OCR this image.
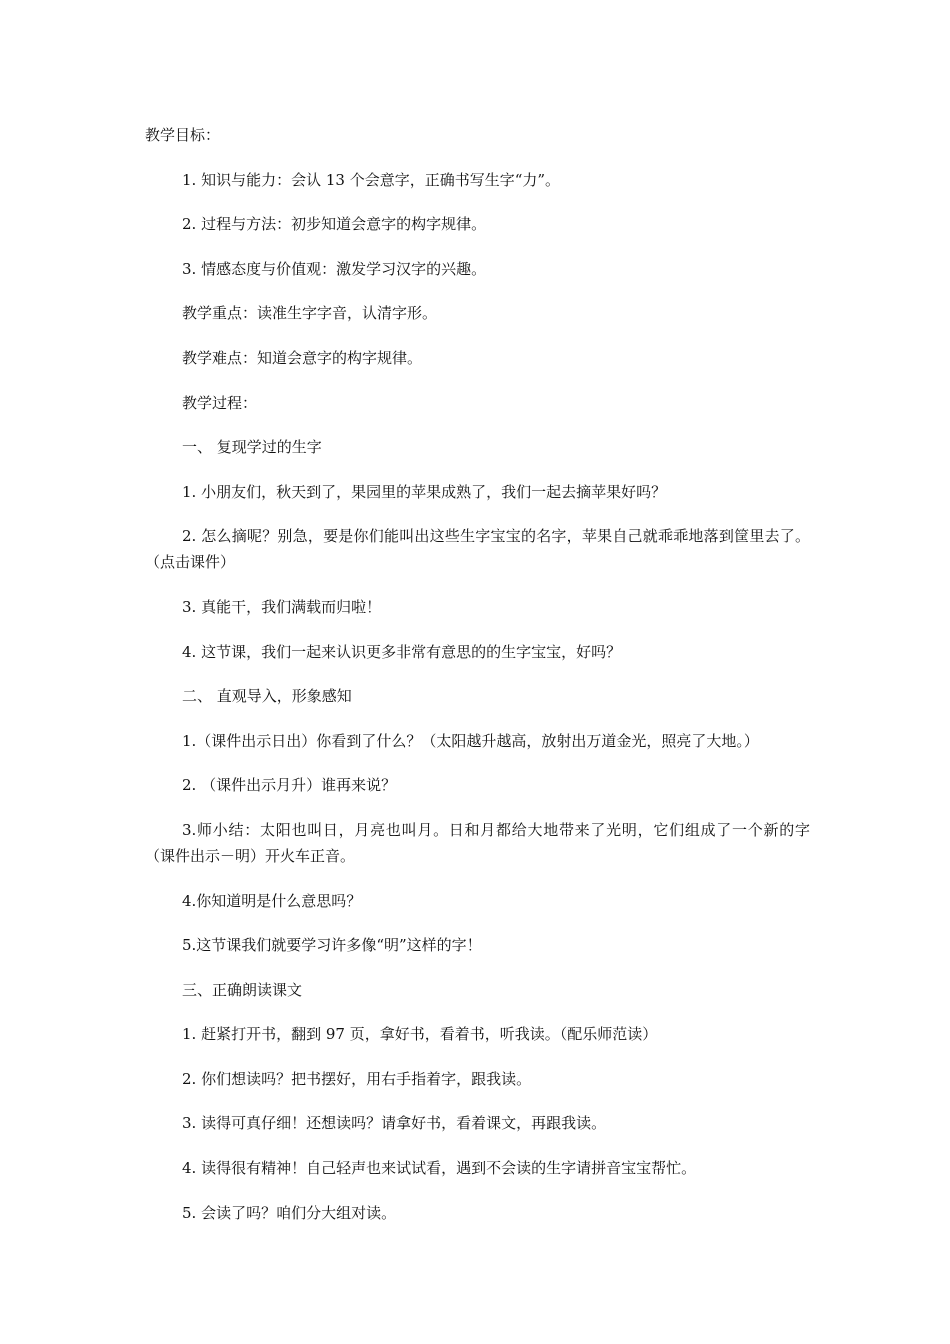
教学目标：

1. 知识与能力：会认 13 个会意字，正确书写生字“力”。

2. 过程与方法：初步知道会意字的构字规律。

3. 情感态度与价值观：激发学习汉字的兴趣。

教学重点：读准生字字音，认清字形。

教学难点：知道会意字的构字规律。

教学过程：

一、 复现学过的生字

1. 小朋友们，秋天到了，果园里的苹果成熟了，我们一起去摘苹果好吗？

2. 怎么摘呢？别急，要是你们能叫出这些生字宝宝的名字，苹果自己就乖乖地落到筐里去了。（点击课件）

3. 真能干，我们满载而归啦！

4. 这节课，我们一起来认识更多非常有意思的的生字宝宝，好吗？

二、 直观导入，形象感知

1.（课件出示日出）你看到了什么？（太阳越升越高，放射出万道金光，照亮了大地。）

2. （课件出示月升）谁再来说？

3.师小结：太阳也叫日，月亮也叫月。日和月都给大地带来了光明，它们组成了一个新的字（课件出示－明）开火车正音。

4.你知道明是什么意思吗？

5.这节课我们就要学习许多像“明”这样的字！

三、正确朗读课文

1. 赶紧打开书，翻到 97 页，拿好书，看着书，听我读。（配乐师范读）

2. 你们想读吗？把书摆好，用右手指着字，跟我读。

3. 读得可真仔细！还想读吗？请拿好书，看着课文，再跟我读。

4. 读得很有精神！自己轻声也来试试看，遇到不会读的生字请拼音宝宝帮忙。

5. 会读了吗？咱们分大组对读。
